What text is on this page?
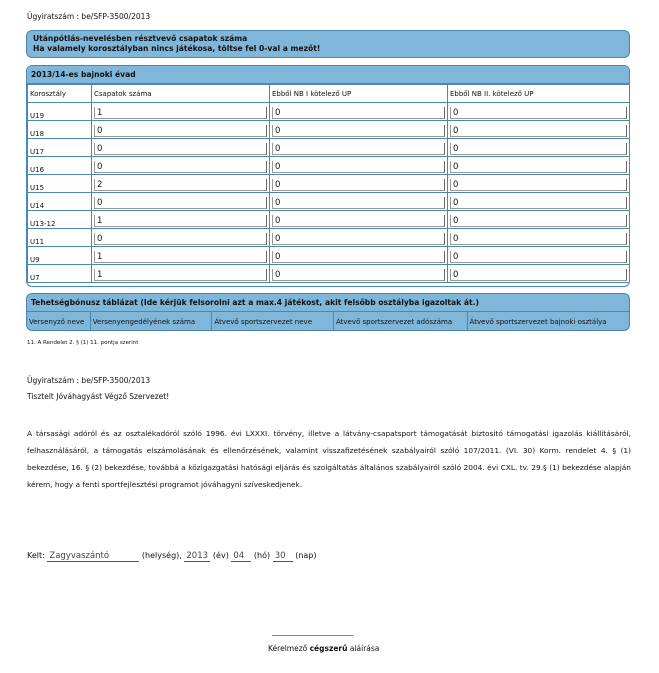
Ügyiratszám : be/SFP-3500/2013
Utánpótlás-nevelésben résztvevő csapatok száma
Ha valamely korosztályban nincs játékosa, töltse fel 0-val a mezőt!
2013/14-es bajnoki évad
Korosztály	Csapatok száma	Ebből NB I kötelező UP	Ebből NB II. kötelező UP
U19	1	0	0

U18	0	0	0

U17	0	0	0

U16	0	0	0

U15	2	0	0

U14	0	0	0

U13-12	1	0	0

U11	0	0	0

U9	1	0	0

U7	1	0	0
Tehetségbónusz táblázat (Ide kérjük felsorolni azt a max.4 játékost, akit felsőbb osztályba igazoltak át.)
Versenyző neve	Versenyengedélyének száma	Átvevő sportszervezet neve	Átvevő sportszervezet adószáma	Átvevő sportszervezet bajnoki osztálya
11. A Rendelet 2. § (1) 11. pontja szerint
Ügyiratszám : be/SFP-3500/2013
Tisztelt Jóváhagyást Végző Szervezet!
A társasági adóról és az osztalékadóról szóló 1996. évi LXXXI. törvény, illetve a látvány-csapatsport támogatását biztosító támogatási igazolás kiállításáról, felhasználásáról, a támogatás elszámolásának és ellenőrzésének, valamint visszafizetésének szabályairól szóló 107/2011. (VI. 30) Korm. rendelet 4. § (1) bekezdése, 16. § (2) bekezdése, továbbá a közigazgatási hatósági eljárás és szolgáltatás általános szabályairól szóló 2004. évi CXL. tv. 29.§ (1) bekezdése alapján kérem, hogy a fenti sportfejlesztési programot jóváhagyni szíveskedjenek.
Kelt: Zagyvaszántó	(helység), 2013 (év) 04 (hó) 30 (nap)
___________________________
Kérelmező cégszerű aláírása
